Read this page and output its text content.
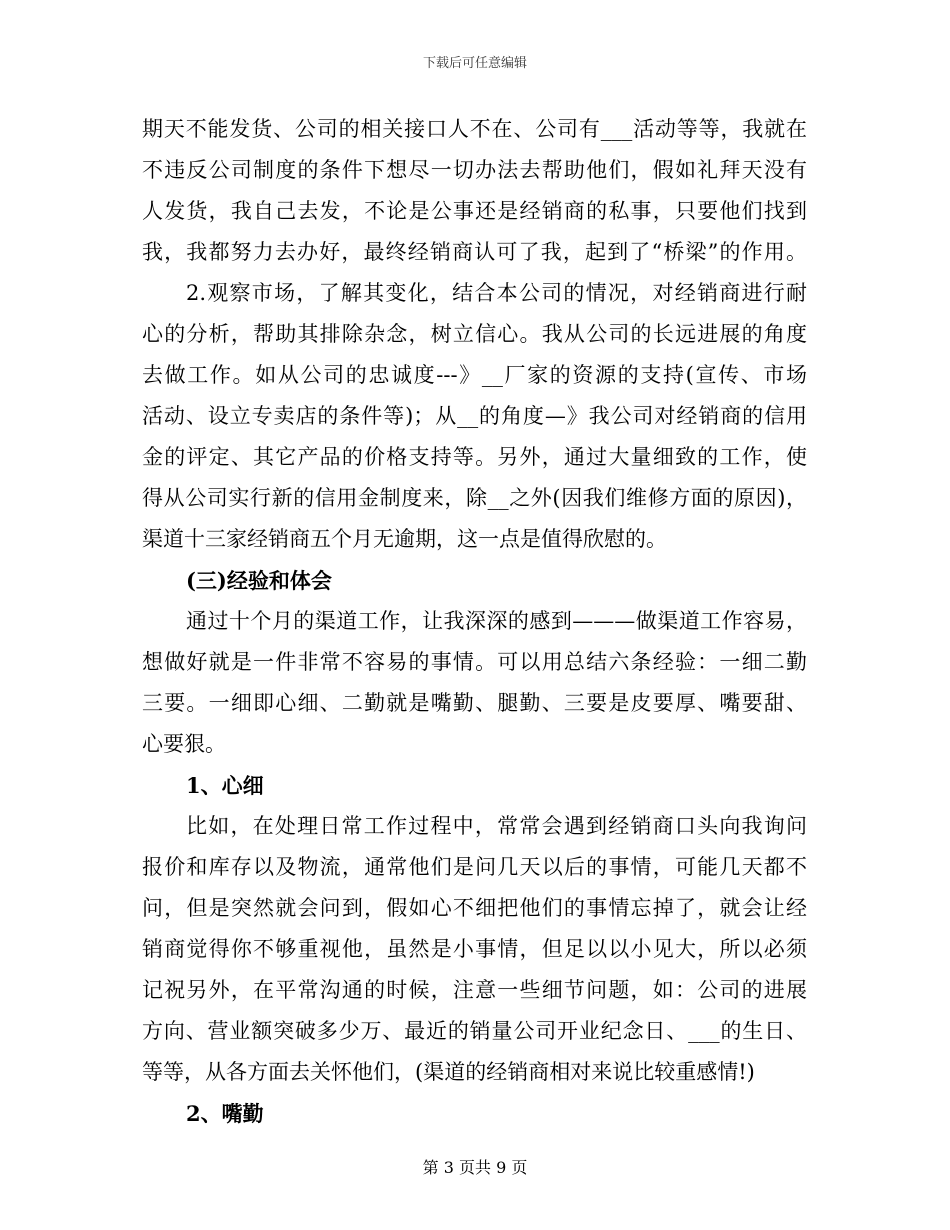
下载后可任意编辑
期天不能发货、公司的相关接口人不在、公司有___活动等等，我就在
不违反公司制度的条件下想尽一切办法去帮助他们，假如礼拜天没有
人发货，我自己去发，不论是公事还是经销商的私事，只要他们找到
我，我都努力去办好，最终经销商认可了我，起到了“桥梁”的作用。
2.观察市场，了解其变化，结合本公司的情况，对经销商进行耐
心的分析，帮助其排除杂念，树立信心。我从公司的长远进展的角度
去做工作。如从公司的忠诚度---》__厂家的资源的支持(宣传、市场
活动、设立专卖店的条件等)；从__的角度—》我公司对经销商的信用
金的评定、其它产品的价格支持等。另外，通过大量细致的工作，使
得从公司实行新的信用金制度来，除__之外(因我们维修方面的原因)，
渠道十三家经销商五个月无逾期，这一点是值得欣慰的。
(三)经验和体会
通过十个月的渠道工作，让我深深的感到———做渠道工作容易，
想做好就是一件非常不容易的事情。可以用总结六条经验：一细二勤
三要。一细即心细、二勤就是嘴勤、腿勤、三要是皮要厚、嘴要甜、
心要狠。
1、心细
比如，在处理日常工作过程中，常常会遇到经销商口头向我询问
报价和库存以及物流，通常他们是问几天以后的事情，可能几天都不
问，但是突然就会问到，假如心不细把他们的事情忘掉了，就会让经
销商觉得你不够重视他，虽然是小事情，但足以以小见大，所以必须
记祝另外，在平常沟通的时候，注意一些细节问题，如：公司的进展
方向、营业额突破多少万、最近的销量公司开业纪念日、___的生日、
等等，从各方面去关怀他们，(渠道的经销商相对来说比较重感情!)
2、嘴勤
第 3 页共 9 页
